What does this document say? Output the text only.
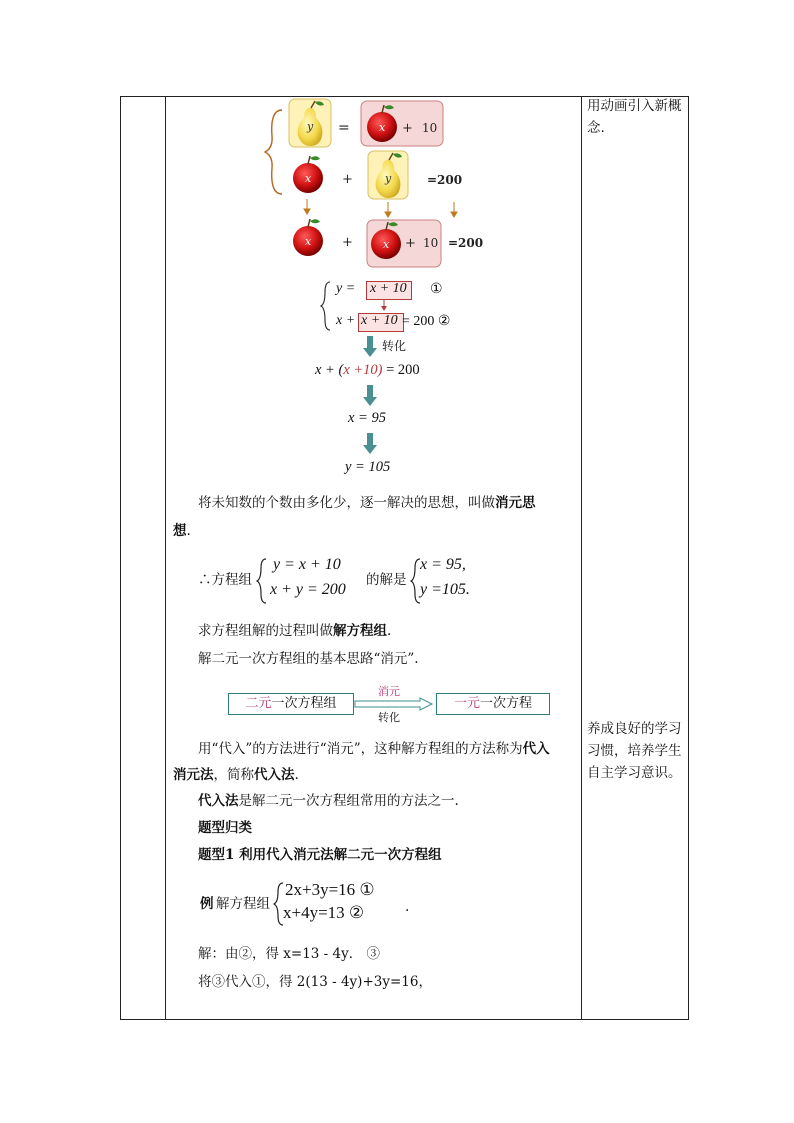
用动画引入新概念.
养成良好的学习习惯，培养学生自主学习意识。
y =	x + 10
x +	y	=200
x +	x + 10 =200
y = x + 10 ①
x + x + 10 = 200 ②
转化
x + (x +10) = 200
x = 95
y = 105
将未知数的个数由多化少，逐一解决的思想，叫做消元思
想.
∴方程组
y = x + 10
x + y = 200
的解是
x = 95,
y =105.
求方程组解的过程叫做解方程组.
解二元一次方程组的基本思路“消元”.
二元一次方程组
消元
转化
一元一次方程
用“代入”的方法进行“消元”，这种解方程组的方法称为代入
消元法，简称代入法.
代入法是解二元一次方程组常用的方法之一.
题型归类
题型1 利用代入消元法解二元一次方程组
例 解方程组
2x+3y=16 ①
x+4y=13 ②	.
解：由②，得 x=13 - 4y． ③
将③代入①，得 2(13 - 4y)+3y=16，
